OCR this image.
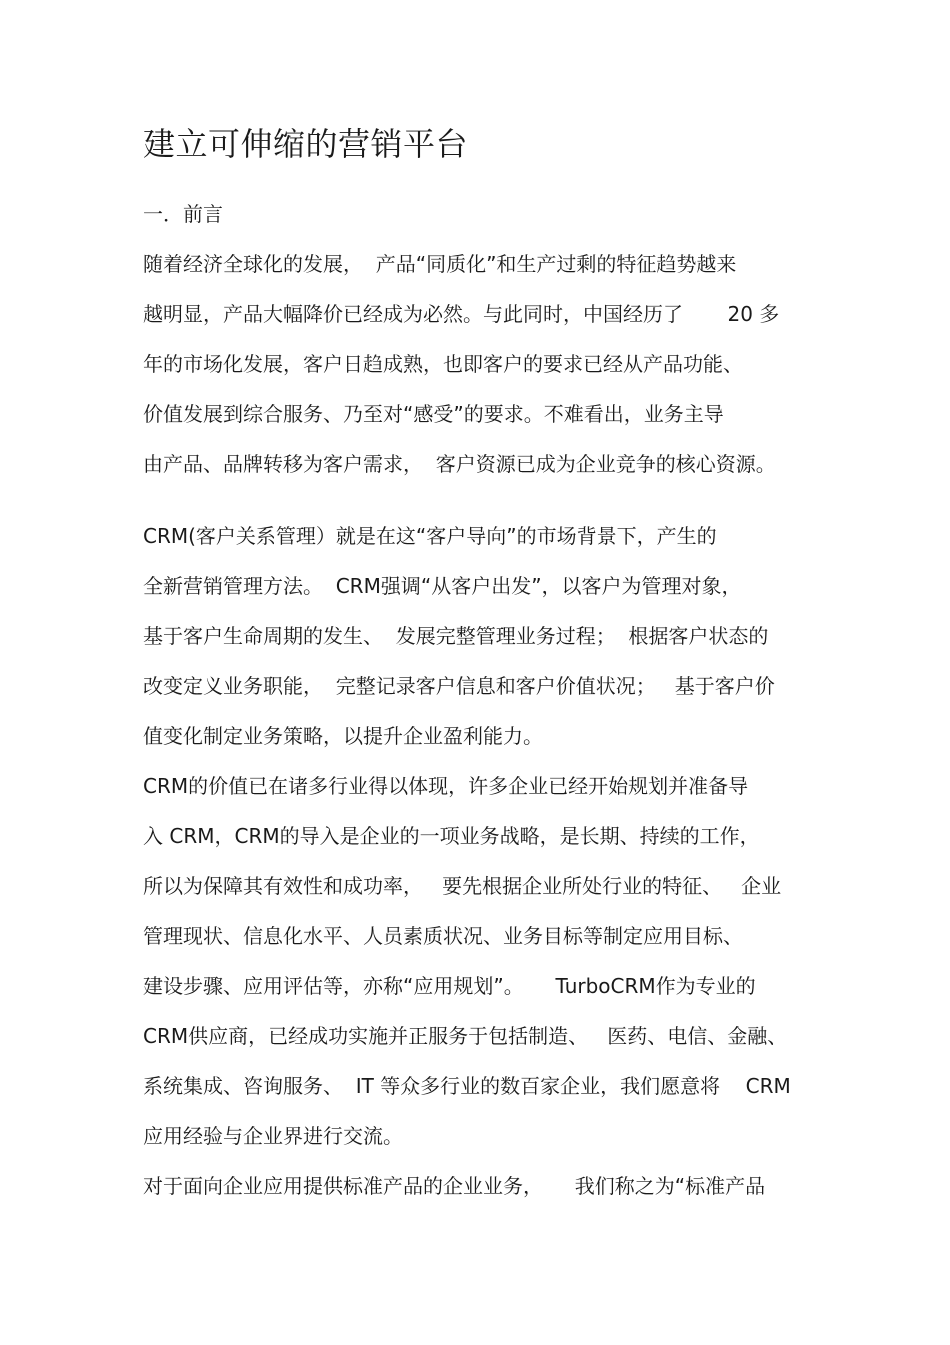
建立可伸缩的营销平台
一．前言
随着经济全球化的发展，  产品“同质化”和生产过剩的特征趋势越来
越明显，产品大幅降价已经成为必然。与此同时，中国经历了       20 多
年的市场化发展，客户日趋成熟，也即客户的要求已经从产品功能、
价值发展到综合服务、乃至对“感受”的要求。不难看出，业务主导
由产品、品牌转移为客户需求，  客户资源已成为企业竞争的核心资源。
CRM(客户关系管理）就是在这“客户导向”的市场背景下，产生的
全新营销管理方法。  CRM强调“从客户出发”，以客户为管理对象，
基于客户生命周期的发生、  发展完整管理业务过程；  根据客户状态的
改变定义业务职能，  完整记录客户信息和客户价值状况；   基于客户价
值变化制定业务策略，以提升企业盈利能力。
CRM的价值已在诸多行业得以体现，许多企业已经开始规划并准备导
入 CRM，CRM的导入是企业的一项业务战略，是长期、持续的工作，
所以为保障其有效性和成功率，   要先根据企业所处行业的特征、   企业
管理现状、信息化水平、人员素质状况、业务目标等制定应用目标、
建设步骤、应用评估等，亦称“应用规划”。     TurboCRM作为专业的
CRM供应商，已经成功实施并正服务于包括制造、   医药、电信、金融、
系统集成、咨询服务、  IT 等众多行业的数百家企业，我们愿意将    CRM
应用经验与企业界进行交流。
对于面向企业应用提供标准产品的企业业务，     我们称之为“标准产品
